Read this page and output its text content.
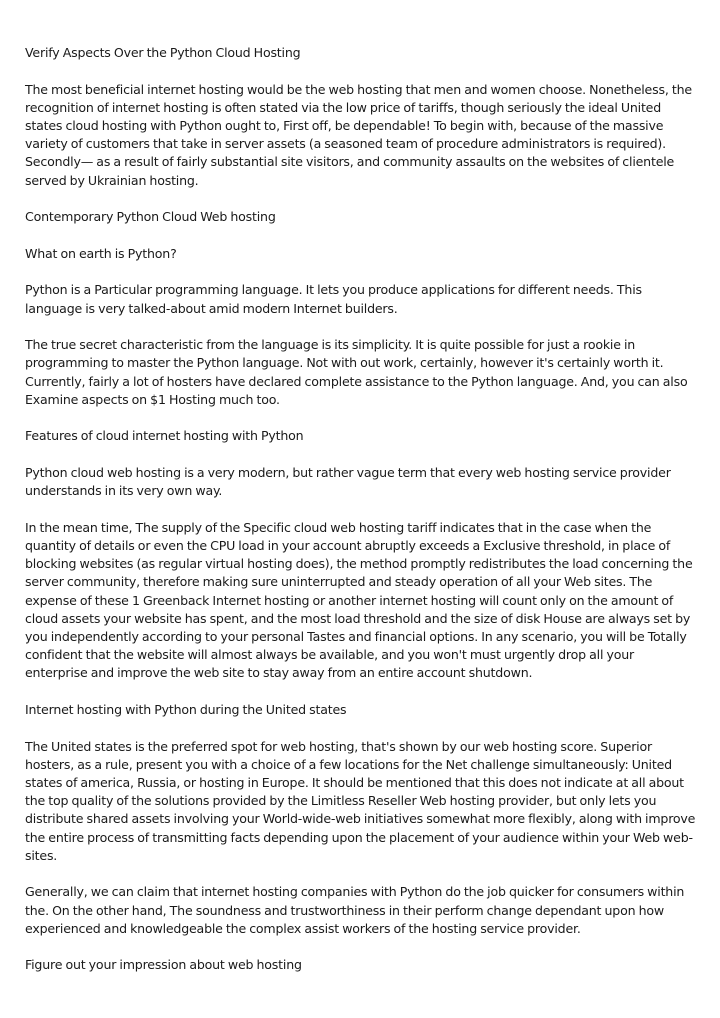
Verify Aspects Over the Python Cloud Hosting

The most beneficial internet hosting would be the web hosting that men and women choose. Nonetheless, the recognition of internet hosting is often stated via the low price of tariffs, though seriously the ideal United states cloud hosting with Python ought to, First off, be dependable! To begin with, because of the massive variety of customers that take in server assets (a seasoned team of procedure administrators is required). Secondly— as a result of fairly substantial site visitors, and community assaults on the websites of clientele served by Ukrainian hosting.

Contemporary Python Cloud Web hosting

What on earth is Python?

Python is a Particular programming language. It lets you produce applications for different needs. This language is very talked-about amid modern Internet builders.

The true secret characteristic from the language is its simplicity. It is quite possible for just a rookie in programming to master the Python language. Not with out work, certainly, however it's certainly worth it. Currently, fairly a lot of hosters have declared complete assistance to the Python language. And, you can also Examine aspects on $1 Hosting much too.

Features of cloud internet hosting with Python

Python cloud web hosting is a very modern, but rather vague term that every web hosting service provider understands in its very own way.

In the mean time, The supply of the Specific cloud web hosting tariff indicates that in the case when the quantity of details or even the CPU load in your account abruptly exceeds a Exclusive threshold, in place of blocking websites (as regular virtual hosting does), the method promptly redistributes the load concerning the server community, therefore making sure uninterrupted and steady operation of all your Web sites. The expense of these 1 Greenback Internet hosting or another internet hosting will count only on the amount of cloud assets your website has spent, and the most load threshold and the size of disk House are always set by you independently according to your personal Tastes and financial options. In any scenario, you will be Totally confident that the website will almost always be available, and you won't must urgently drop all your enterprise and improve the web site to stay away from an entire account shutdown.

Internet hosting with Python during the United states

The United states is the preferred spot for web hosting, that's shown by our web hosting score. Superior hosters, as a rule, present you with a choice of a few locations for the Net challenge simultaneously: United states of america, Russia, or hosting in Europe. It should be mentioned that this does not indicate at all about the top quality of the solutions provided by the Limitless Reseller Web hosting provider, but only lets you distribute shared assets involving your World-wide-web initiatives somewhat more flexibly, along with improve the entire process of transmitting facts depending upon the placement of your audience within your Web web-sites.

Generally, we can claim that internet hosting companies with Python do the job quicker for consumers within the. On the other hand, The soundness and trustworthiness in their perform change dependant upon how experienced and knowledgeable the complex assist workers of the hosting service provider.

Figure out your impression about web hosting
